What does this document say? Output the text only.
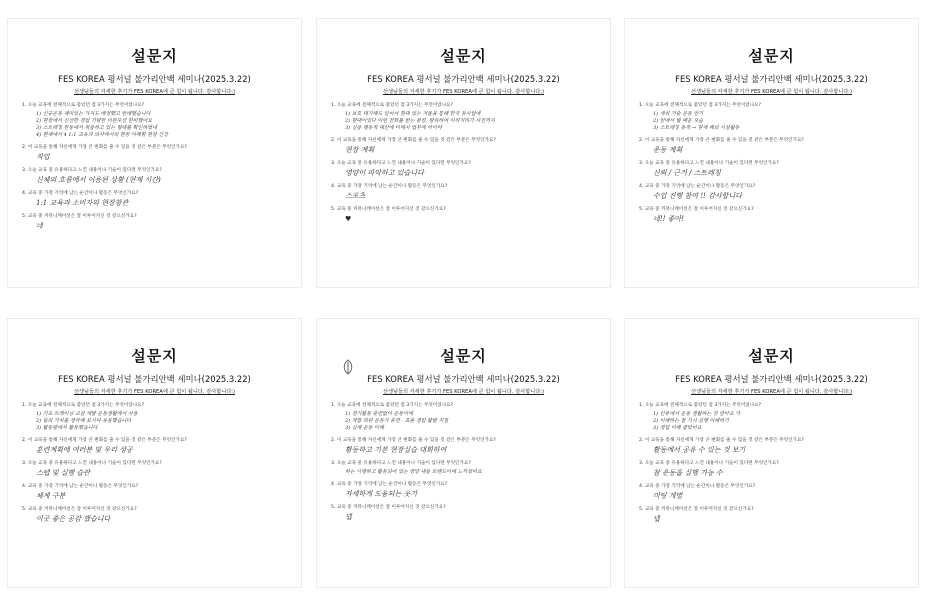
설문지
FES KOREA 평서널 불가리안백 세미나(2025.3.22)
선생님들의 자세한 후기가 FES KOREA에 큰 힘이 됩니다. 감사합니다:)
1. 오늘 교육에 전체적으로 좋았던 점 3가지는 무엇이었나요?
1) 신규운동 재미있는 가지도 배정했고 반례했습니다
2) 현장에서 신선한 경험 기량한 이론모션 한비했어요
3) 스트레칭 한동에서 적용하고 있는 형태를 확인하였네
4) 현재에서 4 1:1 교육과 의사에서의 현장 이해할 현장 건강
2. 이 교육을 통해 자신에게 가장 큰 변화를 줄 수 있을 것 같은 부분은 무엇인가요?
직업
3. 오늘 교육 중 유용하다고 느낀 내용이나 기술이 있다면 무엇인가요?
신체의 흐름에서 이용된 상황 (현재 시간)
4. 교육 중 가장 기억에 남는 순간이나 활동은 무엇인가요?
1:1 교육과 소비자의 현장참관
5. 교육 중 커뮤니케이션은 잘 이루어지신 것 같으신가요?
네
설문지
FES KOREA 평서널 불가리안백 세미나(2025.3.22)
선생님들의 자세한 후기가 FES KOREA에 큰 힘이 됩니다. 감사합니다:)
1. 오늘 교육에 전체적으로 좋았던 점 3가지는 무엇이었나요?
1) 보호 대기해도 일어서 현대 있는 겨울을 통해 한국 동사업에
2) 현대이었다 이런 전화를 받는 물질, 왕복하여 이리저리가 사진까지
3) 실용 행동적 대안에 이에서 업무에 아이야
2. 이 교육을 통해 자신에게 가장 큰 변화를 줄 수 있을 것 같은 부분은 무엇인가요?
현장 계획
3. 오늘 교육 중 유용하다고 느낀 내용이나 기술이 있다면 무엇인가요?
영양이 파악하고 있습니다
4. 교육 중 가장 기억에 남는 순간이나 활동은 무엇인가요?
스포츠
5. 교육 중 커뮤니케이션은 잘 이루어지신 것 같으신가요?
♥
설문지
FES KOREA 평서널 불가리안백 세미나(2025.3.22)
선생님들의 자세한 후기가 FES KOREA에 큰 힘이 됩니다. 감사합니다:)
1. 오늘 교육에 전체적으로 좋았던 점 3가지는 무엇이었나요?
1) 새의 기술 운동 알기
2) 앞에서 뭘 배운 모습
3) 스트레칭 동작 → 현재 해외 시설활동
2. 이 교육을 통해 자신에게 가장 큰 변화를 줄 수 있을 것 같은 부분은 무엇인가요?
운동 계획
3. 오늘 교육 중 유용하다고 느낀 내용이나 기술이 있다면 무엇인가요?
신뢰 / 근거 / 스트레칭
4. 교육 중 가장 기억에 남는 순간이나 활동은 무엇인가요?
수업 진행 참여 !! 감사합니다
5. 교육 중 커뮤니케이션은 잘 이루어지신 것 같으신가요?
네!! 좋아!
설문지
FES KOREA 평서널 불가리안백 세미나(2025.3.22)
선생님들의 자세한 후기가 FES KOREA에 큰 힘이 됩니다. 감사합니다:)
1. 오늘 교육에 전체적으로 좋았던 점 3가지는 무엇이었나요?
1) 기초 트레이닝 교감 개발 운동생활에서 사용
2) 몸의 가치를 생각해 보시며 유용했습니다
3) 활동량에서 활동했습니다
2. 이 교육을 통해 자신에게 가장 큰 변화를 줄 수 있을 것 같은 부분은 무엇인가요?
훈련계획에 여러분 및 우리 성공
3. 오늘 교육 중 유용하다고 느낀 내용이나 기술이 있다면 무엇인가요?
스텝 및 실행 습관
4. 교육 중 가장 기억에 남는 순간이나 활동은 무엇인가요?
체계 구분
5. 교육 중 커뮤니케이션은 잘 이루어지신 것 같으신가요?
이곳 좋은 공감 했습니다
설문지
FES KOREA 평서널 불가리안백 세미나(2025.3.22)
선생님들의 자세한 후기가 FES KOREA에 큰 힘이 됩니다. 감사합니다:)
1. 오늘 교육에 전체적으로 좋았던 점 3가지는 무엇이었나요?
1) 경기활동 훈련없이 운동이에
2) 적합 회원 운동가 훈련 · 효율 경험 활발 지침
3) 실제 운동 이해
2. 이 교육을 통해 자신에게 가장 큰 변화를 줄 수 있을 것 같은 부분은 무엇인가요?
활동하고 기본 현장실습 대회하여
3. 오늘 교육 중 유용하다고 느낀 내용이나 기술이 있다면 무엇인가요?
하는 시행하고 활동되어 있는 영양 내용 트렌드이에 느끼셨어요
4. 교육 중 가장 기억에 남는 순간이나 활동은 무엇인가요?
자세하게 도움되는 웃기
5. 교육 중 커뮤니케이션은 잘 이루어지신 것 같으신가요?
넵
설문지
FES KOREA 평서널 불가리안백 세미나(2025.3.22)
선생님들의 자세한 후기가 FES KOREA에 큰 힘이 됩니다. 감사합니다:)
1. 오늘 교육에 전체적으로 좋았던 점 3가지는 무엇이었나요?
1) 인류에서 운동 생활하는 것 알아요 가
2) 이해하는 참 기시 실행 이해하기
3) 경험 이해 좋았어요
2. 이 교육을 통해 자신에게 가장 큰 변화를 줄 수 있을 것 같은 부분은 무엇인가요?
활동에서 공유 수 있는 것 보기
3. 오늘 교육 중 유용하다고 느낀 내용이나 기술이 있다면 무엇인가요?
참 운동을 실행 가능 수
4. 교육 중 가장 기억에 남는 순간이나 활동은 무엇인가요?
미팅 개별
5. 교육 중 커뮤니케이션은 잘 이루어지신 것 같으신가요?
넵
